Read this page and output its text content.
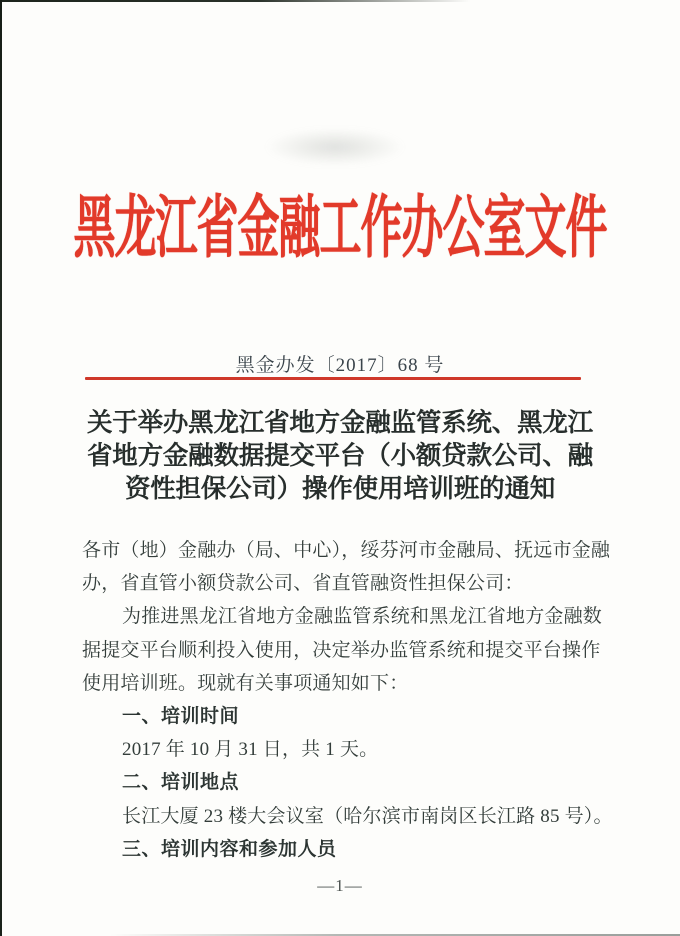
黑龙江省金融工作办公室文件
黑金办发〔2017〕68 号
关于举办黑龙江省地方金融监管系统、黑龙江
省地方金融数据提交平台（小额贷款公司、融
资性担保公司）操作使用培训班的通知
各市（地）金融办（局、中心），绥芬河市金融局、抚远市金融
办，省直管小额贷款公司、省直管融资性担保公司：
为推进黑龙江省地方金融监管系统和黑龙江省地方金融数
据提交平台顺利投入使用，决定举办监管系统和提交平台操作
使用培训班。现就有关事项通知如下：
一、培训时间
2017 年 10 月 31 日，共 1 天。
二、培训地点
长江大厦 23 楼大会议室（哈尔滨市南岗区长江路 85 号）。
三、培训内容和参加人员
—1—
